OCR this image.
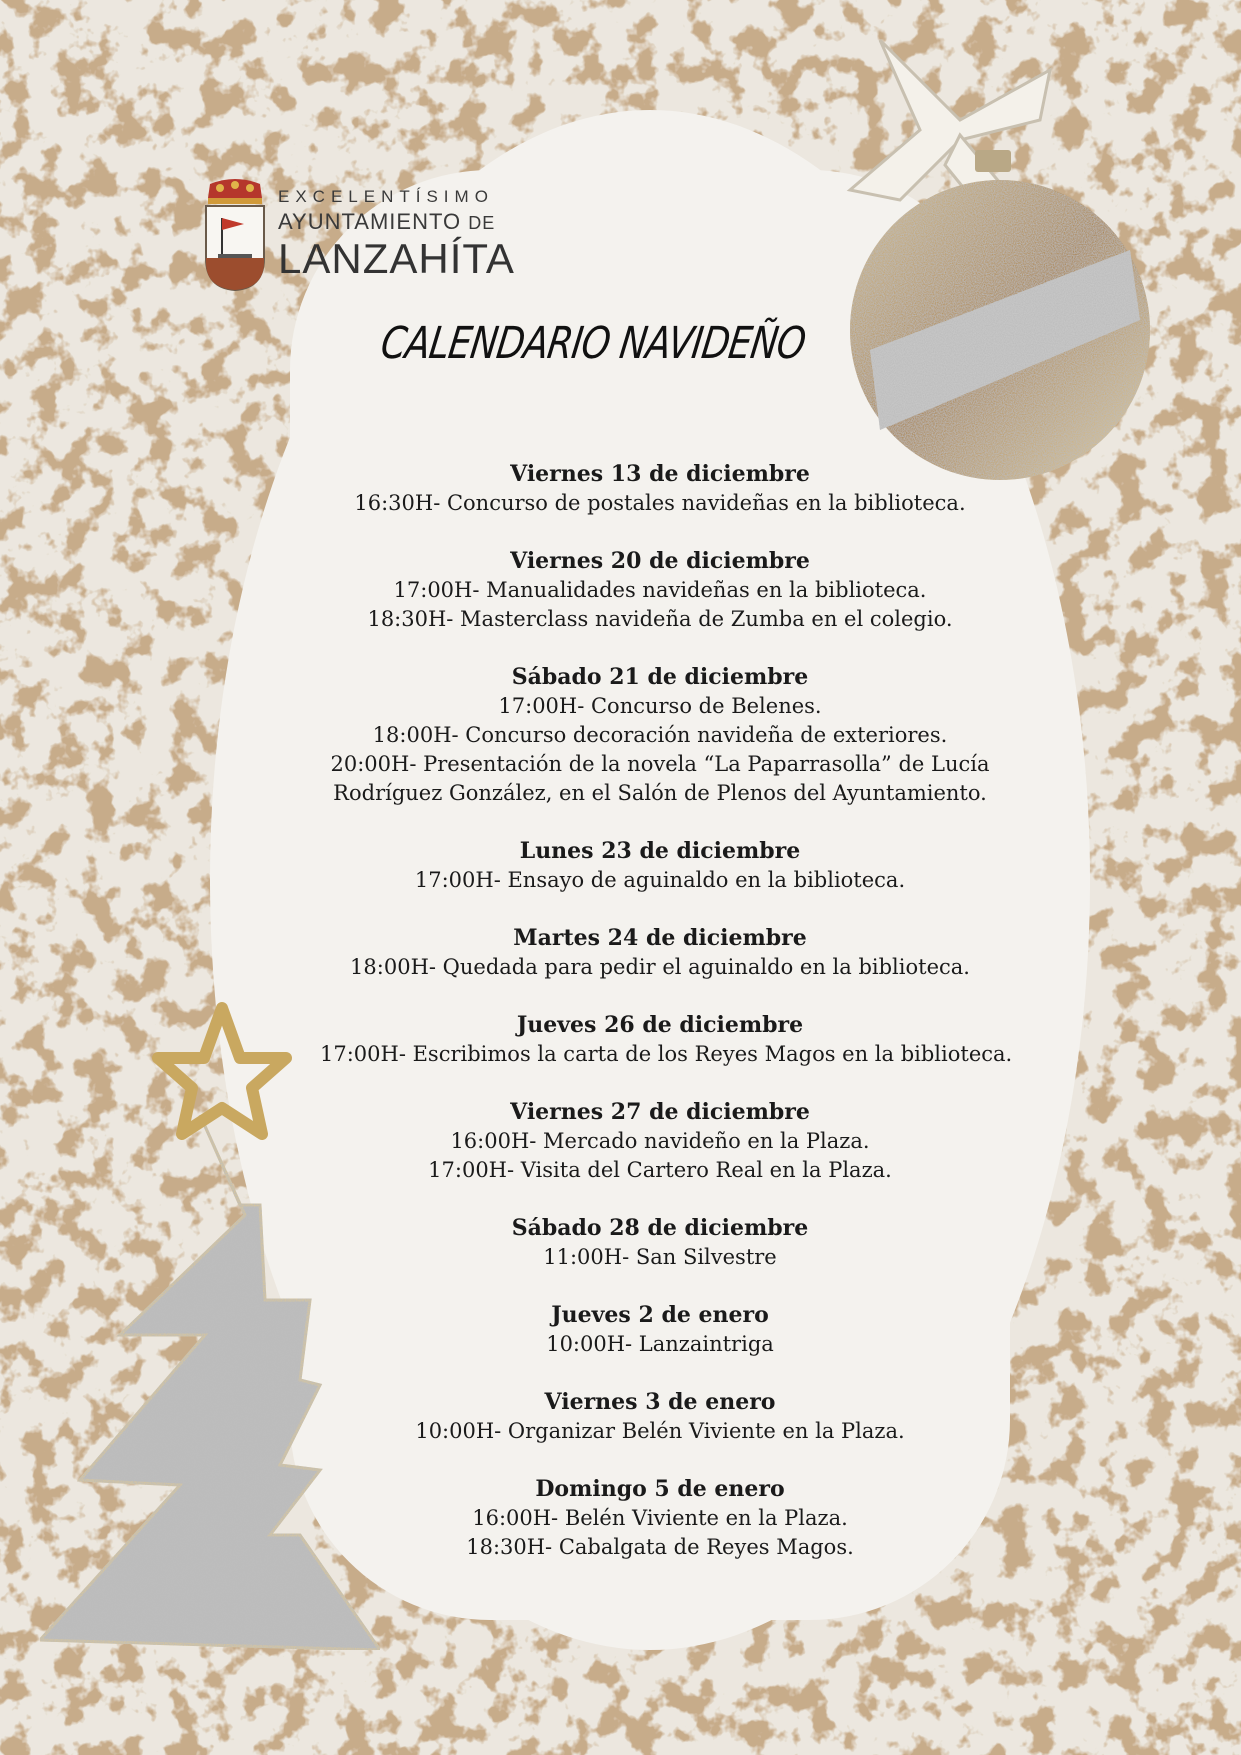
EXCELENTÍSIMO
AYUNTAMIENTO DE
LANZAHÍTA
CALENDARIO NAVIDEÑO
Viernes 13 de diciembre
16:30H- Concurso de postales navideñas en la biblioteca.
Viernes 20 de diciembre
17:00H- Manualidades navideñas en la biblioteca.
18:30H- Masterclass navideña de Zumba en el colegio.
Sábado 21 de diciembre
17:00H- Concurso de Belenes.
18:00H- Concurso decoración navideña de exteriores.
20:00H- Presentación de la novela “La Paparrasolla” de Lucía
Rodríguez González, en el Salón de Plenos del Ayuntamiento.
Lunes 23 de diciembre
17:00H- Ensayo de aguinaldo en la biblioteca.
Martes 24 de diciembre
18:00H- Quedada para pedir el aguinaldo en la biblioteca.
Jueves 26 de diciembre
17:00H- Escribimos la carta de los Reyes Magos en la biblioteca.
Viernes 27 de diciembre
16:00H- Mercado navideño en la Plaza.
17:00H- Visita del Cartero Real en la Plaza.
Sábado 28 de diciembre
11:00H- San Silvestre
Jueves 2 de enero
10:00H- Lanzaintriga
Viernes 3 de enero
10:00H- Organizar Belén Viviente en la Plaza.
Domingo 5 de enero
16:00H- Belén Viviente en la Plaza.
18:30H- Cabalgata de Reyes Magos.
